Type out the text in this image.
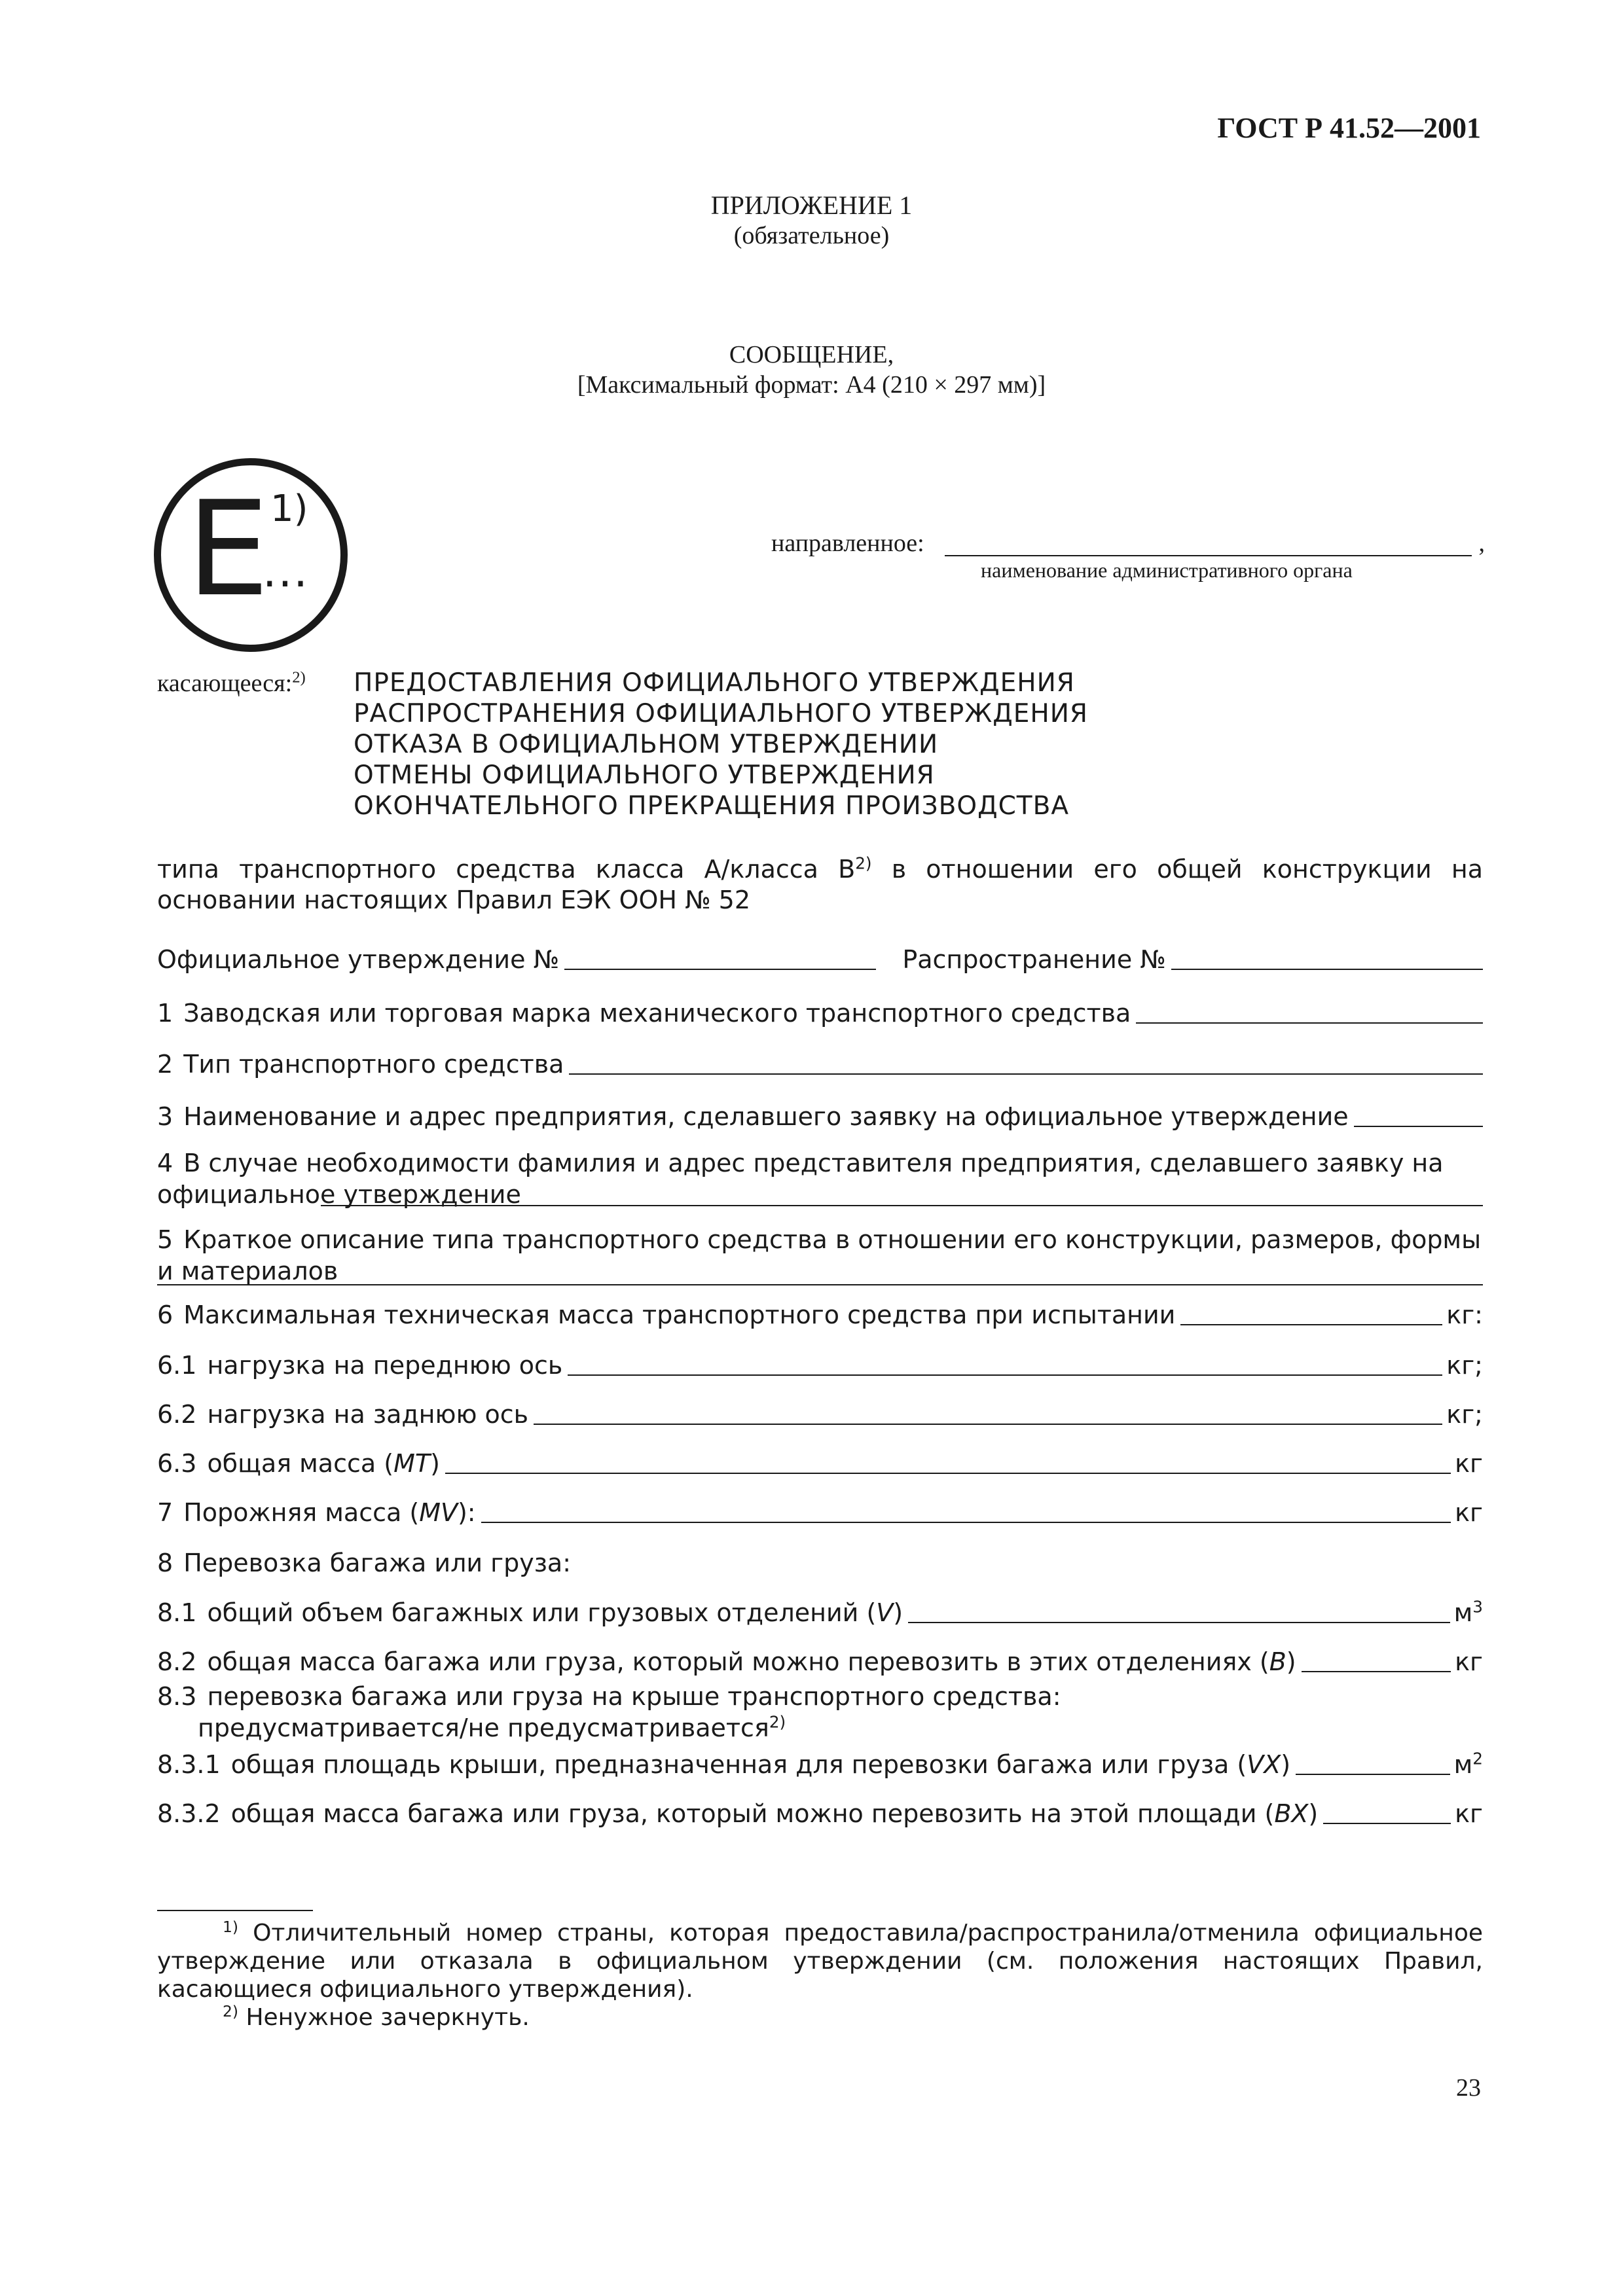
ГОСТ Р 41.52—2001
ПРИЛОЖЕНИЕ 1
(обязательное)
СООБЩЕНИЕ,
[Максимальный формат: А4 (210 × 297 мм)]
E 1)
...
направленное:	,
наименование административного органа
касающееся:$^{2)}$ ПРЕДОСТАВЛЕНИЯ ОФИЦИАЛЬНОГО УТВЕРЖДЕНИЯ
РАСПРОСТРАНЕНИЯ ОФИЦИАЛЬНОГО УТВЕРЖДЕНИЯ
ОТКАЗА В ОФИЦИАЛЬНОМ УТВЕРЖДЕНИИ
ОТМЕНЫ ОФИЦИАЛЬНОГО УТВЕРЖДЕНИЯ
ОКОНЧАТЕЛЬНОГО ПРЕКРАЩЕНИЯ ПРОИЗВОДСТВА
типа транспортного средства класса А/класса $В^{2)}$ в отношении его общей конструкции на основании настоящих Правил ЕЭК ООН № 52
Официальное утверждение №	Распространение №
1 Заводская или торговая марка механического транспортного средства
2 Тип транспортного средства
3 Наименование и адрес предприятия, сделавшего заявку на официальное утверждение
4 В случае необходимости фамилия и адрес представителя предприятия, сделавшего заявку на официальное утверждение
5 Краткое описание типа транспортного средства в отношении его конструкции, размеров, формы и материалов
6 Максимальная техническая масса транспортного средства при испытании	кг:
6.1 нагрузка на переднюю ось	кг;
6.2 нагрузка на заднюю ось	кг;
6.3 общая масса (MT)	кг
7 Порожняя масса (MV):	кг
8 Перевозка багажа или груза:
8.1 общий объем багажных или грузовых отделений (V)	$м^3$
8.2 общая масса багажа или груза, который можно перевозить в этих отделениях (B)	кг
8.3 перевозка багажа или груза на крыше транспортного средства:
предусматривается/не предусматривается$^{2)}$
8.3.1 общая площадь крыши, предназначенная для перевозки багажа или груза (VX)	$м^2$
8.3.2 общая масса багажа или груза, который можно перевозить на этой площади (BX)	кг

$^{1)}$ Отличительный номер страны, которая предоставила/распространила/отменила официальное утверждение или отказала в официальном утверждении (см. положения настоящих Правил, касающиеся официального утверждения).

$^{2)}$ Ненужное зачеркнуть.

23
